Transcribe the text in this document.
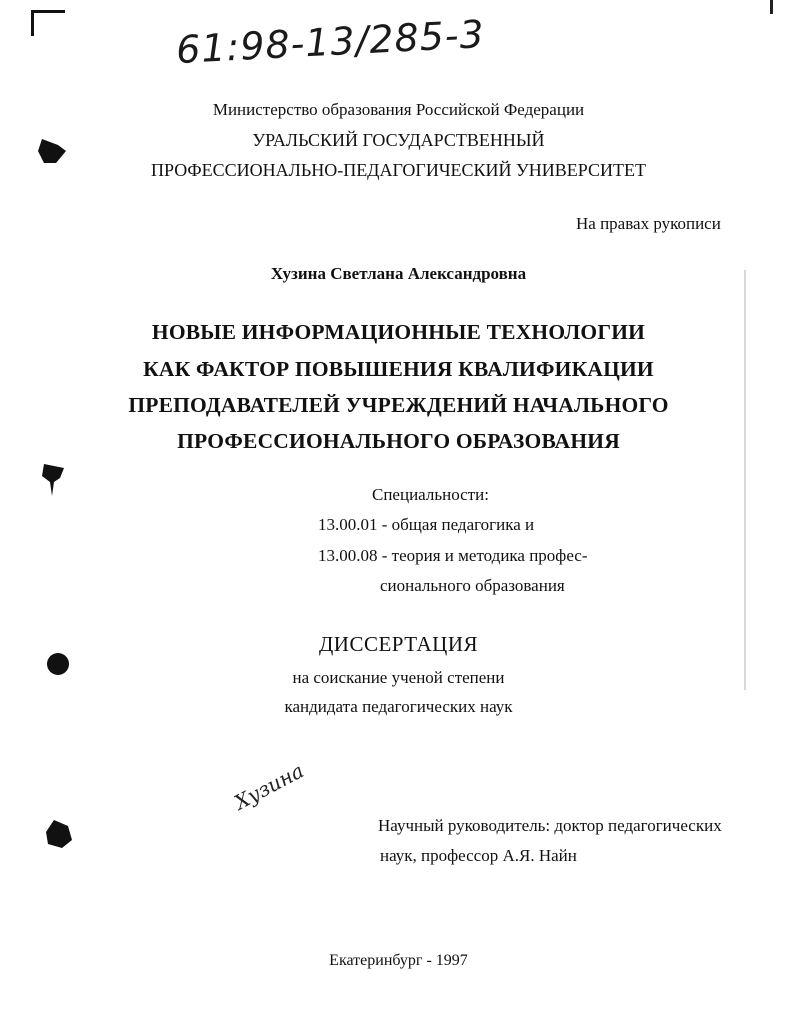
61:98-13/285-3
Министерство образования Российской Федерации
УРАЛЬСКИЙ ГОСУДАРСТВЕННЫЙ
ПРОФЕССИОНАЛЬНО-ПЕДАГОГИЧЕСКИЙ УНИВЕРСИТЕТ
На правах рукописи
Хузина Светлана Александровна
НОВЫЕ ИНФОРМАЦИОННЫЕ ТЕХНОЛОГИИ
КАК ФАКТОР ПОВЫШЕНИЯ КВАЛИФИКАЦИИ
ПРЕПОДАВАТЕЛЕЙ УЧРЕЖДЕНИЙ НАЧАЛЬНОГО
ПРОФЕССИОНАЛЬНОГО ОБРАЗОВАНИЯ
Специальности:
13.00.01 - общая педагогика и
13.00.08 - теория и методика профес-
сионального образования
ДИССЕРТАЦИЯ
на соискание ученой степени
кандидата педагогических наук
Хузина
Научный руководитель: доктор педагогических
наук, профессор А.Я. Найн
Екатеринбург - 1997
